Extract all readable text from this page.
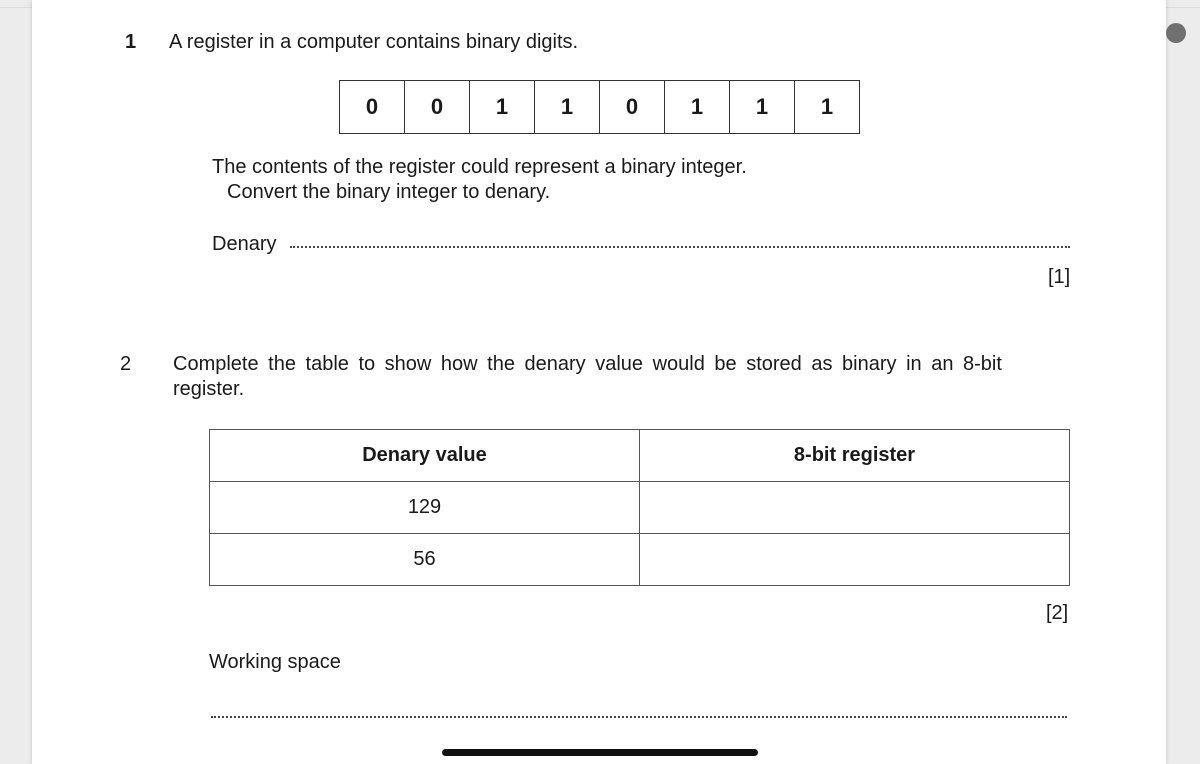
1 A register in a computer contains binary digits.
0	0	1	1	0	1	1	1
The contents of the register could represent a binary integer.
Convert the binary integer to denary.
Denary
[1]
2 Complete the table to show how the denary value would be stored as binary in an 8-bit
register.
Denary value	8-bit register
129	
56	
[2]
Working space
